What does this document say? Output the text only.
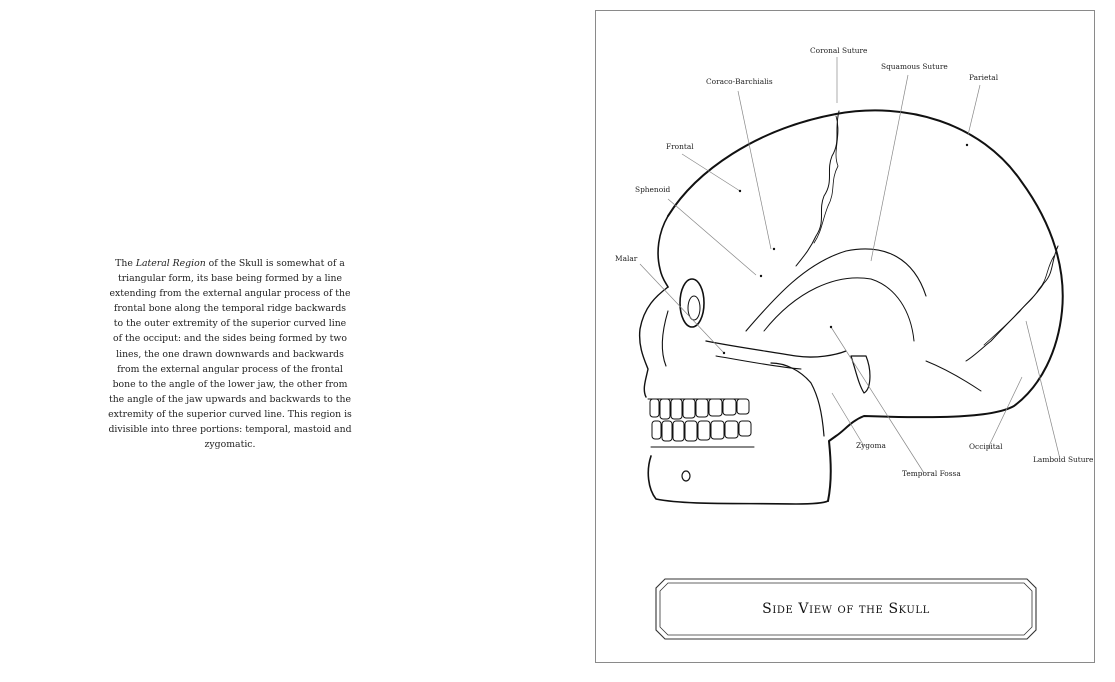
The Lateral Region of the Skull is somewhat of a triangular form, its base being formed by a line extending from the external angular process of the frontal bone along the temporal ridge backwards to the outer extremity of the superior curved line of the occiput: and the sides being formed by two lines, the one drawn downwards and backwards from the external angular process of the frontal bone to the angle of the lower jaw, the other from the angle of the jaw upwards and backwards to the extremity of the superior curved line. This region is divisible into three portions: temporal, mastoid and zygomatic.
Coronal Suture
Squamous Suture
Parietal
Coraco-Barchialis
Frontal
Sphenoid
Malar
Zygoma
Temporal Fossa
Occipital
Lamboid Suture
Side View of the Skull
